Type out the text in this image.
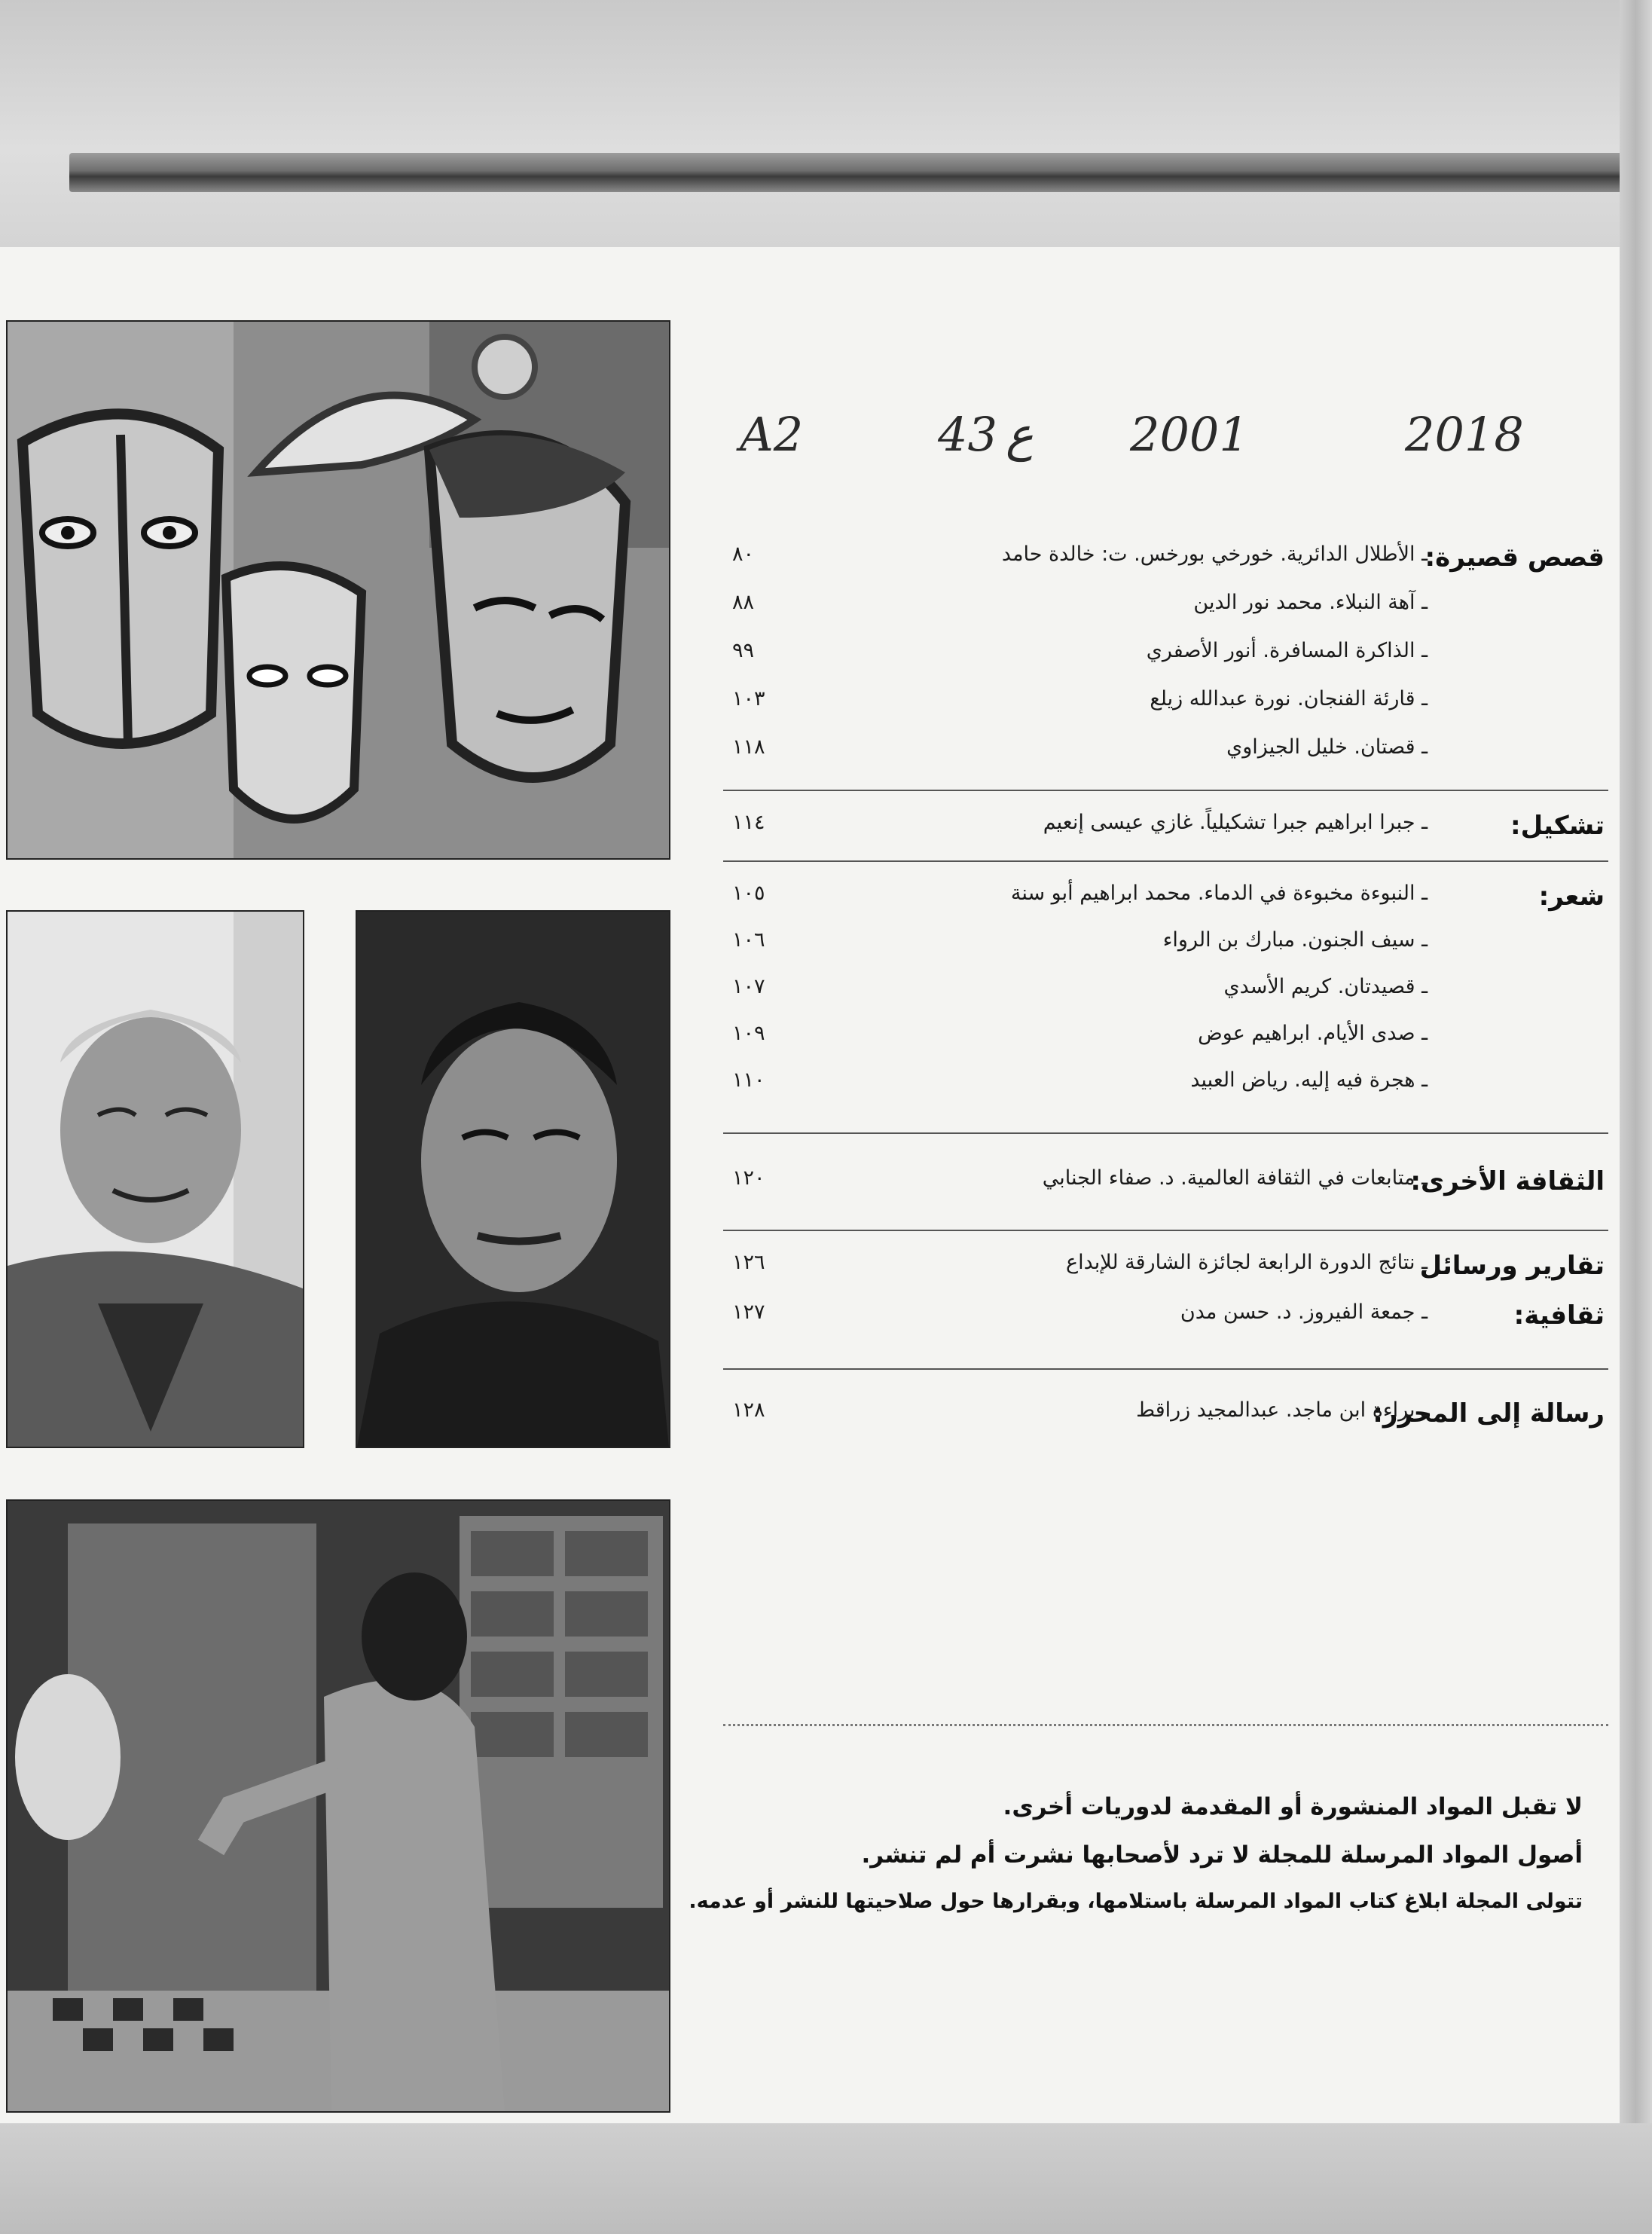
A2	43 ع 2001	2018
قصص قصيرة:
ـ الأطلال الدائرية. خورخي بورخس. ت: خالدة حامد
٨٠
ـ آهة النبلاء. محمد نور الدين
٨٨
ـ الذاكرة المسافرة. أنور الأصفري
٩٩
ـ قارئة الفنجان. نورة عبدالله زيلع
١٠٣
ـ قصتان. خليل الجيزاوي
١١٨
تشكيل:
ـ جبرا ابراهيم جبرا تشكيلياً. غازي عيسى إنعيم
١١٤
شعر:
ـ النبوءة مخبوءة في الدماء. محمد ابراهيم أبو سنة
١٠٥
ـ سيف الجنون. مبارك بن الرواء
١٠٦
ـ قصيدتان. كريم الأسدي
١٠٧
ـ صدى الأيام. ابراهيم عوض
١٠٩
ـ هجرة فيه إليه. رياض العبيد
١١٠
الثقافة الأخرى:
ـ متابعات في الثقافة العالمية. د. صفاء الجنابي
١٢٠
تقارير ورسائل
ثقافية:
ـ نتائج الدورة الرابعة لجائزة الشارقة للإبداع
١٢٦
ـ جمعة الفيروز. د. حسن مدن
١٢٧
رسالة إلى المحرر:
ـ براءة ابن ماجد. عبدالمجيد زراقط
١٢٨
لا تقبل المواد المنشورة أو المقدمة لدوريات أخرى.
أصول المواد المرسلة للمجلة لا ترد لأصحابها نشرت أم لم تنشر.
تتولى المجلة ابلاغ كتاب المواد المرسلة باستلامها، وبقرارها حول صلاحيتها للنشر أو عدمه.
